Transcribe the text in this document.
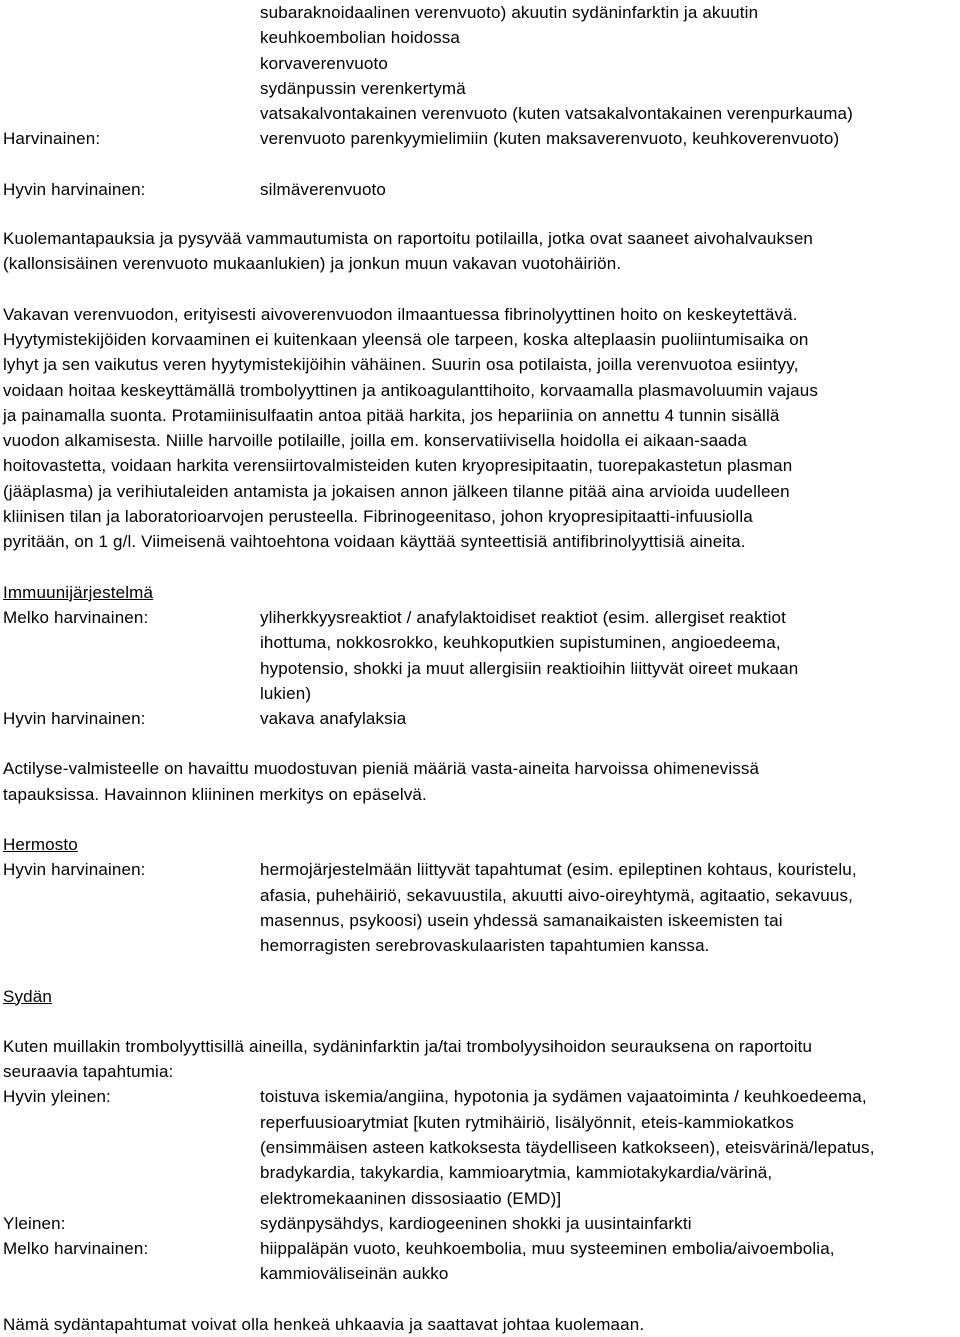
subaraknoidaalinen verenvuoto) akuutin sydäninfarktin ja akuutin
keuhkoembolian hoidossa
korvaverenvuoto
sydänpussin verenkertymä
vatsakalvontakainen verenvuoto (kuten vatsakalvontakainen verenpurkauma)
Harvinainen:	verenvuoto parenkyymielimiin (kuten maksaverenvuoto, keuhkoverenvuoto)
Hyvin harvinainen:	silmäverenvuoto
Kuolemantapauksia ja pysyvää vammautumista on raportoitu potilailla, jotka ovat saaneet aivohalvauksen
(kallonsisäinen verenvuoto mukaanlukien) ja jonkun muun vakavan vuotohäiriön.
Vakavan verenvuodon, erityisesti aivoverenvuodon ilmaantuessa fibrinolyyttinen hoito on keskeytettävä.
Hyytymistekijöiden korvaaminen ei kuitenkaan yleensä ole tarpeen, koska alteplaasin puoliintumisaika on
lyhyt ja sen vaikutus veren hyytymistekijöihin vähäinen. Suurin osa potilaista, joilla verenvuotoa esiintyy,
voidaan hoitaa keskeyttämällä trombolyyttinen ja antikoagulanttihoito, korvaamalla plasmavoluumin vajaus
ja painamalla suonta. Protamiinisulfaatin antoa pitää harkita, jos hepariinia on annettu 4 tunnin sisällä
vuodon alkamisesta. Niille harvoille potilaille, joilla em. konservatiivisella hoidolla ei aikaan-saada
hoitovastetta, voidaan harkita verensiirtovalmisteiden kuten kryopresipitaatin, tuorepakastetun plasman
(jääplasma) ja verihiutaleiden antamista ja jokaisen annon jälkeen tilanne pitää aina arvioida uudelleen
kliinisen tilan ja laboratorioarvojen perusteella. Fibrinogeenitaso, johon kryopresipitaatti-infuusiolla
pyritään, on 1 g/l. Viimeisenä vaihtoehtona voidaan käyttää synteettisiä antifibrinolyyttisiä aineita.
Immuunijärjestelmä
Melko harvinainen:	yliherkkyysreaktiot / anafylaktoidiset reaktiot (esim. allergiset reaktiot
ihottuma, nokkosrokko, keuhkoputkien supistuminen, angioedeema,
hypotensio, shokki ja muut allergisiin reaktioihin liittyvät oireet mukaan
lukien)
Hyvin harvinainen:	vakava anafylaksia
Actilyse-valmisteelle on havaittu muodostuvan pieniä määriä vasta-aineita harvoissa ohimenevissä
tapauksissa. Havainnon kliininen merkitys on epäselvä.
Hermosto
Hyvin harvinainen:	hermojärjestelmään liittyvät tapahtumat (esim. epileptinen kohtaus, kouristelu,
afasia, puhehäiriö, sekavuustila, akuutti aivo-oireyhtymä, agitaatio, sekavuus,
masennus, psykoosi) usein yhdessä samanaikaisten iskeemisten tai
hemorragisten serebrovaskulaaristen tapahtumien kanssa.
Sydän
Kuten muillakin trombolyyttisillä aineilla, sydäninfarktin ja/tai trombolyysihoidon seurauksena on raportoitu
seuraavia tapahtumia:
Hyvin yleinen:	toistuva iskemia/angiina, hypotonia ja sydämen vajaatoiminta / keuhkoedeema,
reperfuusioarytmiat [kuten rytmihäiriö, lisälyönnit, eteis-kammiokatkos
(ensimmäisen asteen katkoksesta täydelliseen katkokseen), eteisvärinä/lepatus,
bradykardia, takykardia, kammioarytmia, kammiotakykardia/värinä,
elektromekaaninen dissosiaatio (EMD)]
Yleinen:	sydänpysähdys, kardiogeeninen shokki ja uusintainfarkti
Melko harvinainen:	hiippaläpän vuoto, keuhkoembolia, muu systeeminen embolia/aivoembolia,
kammioväliseinän aukko
Nämä sydäntapahtumat voivat olla henkeä uhkaavia ja saattavat johtaa kuolemaan.
